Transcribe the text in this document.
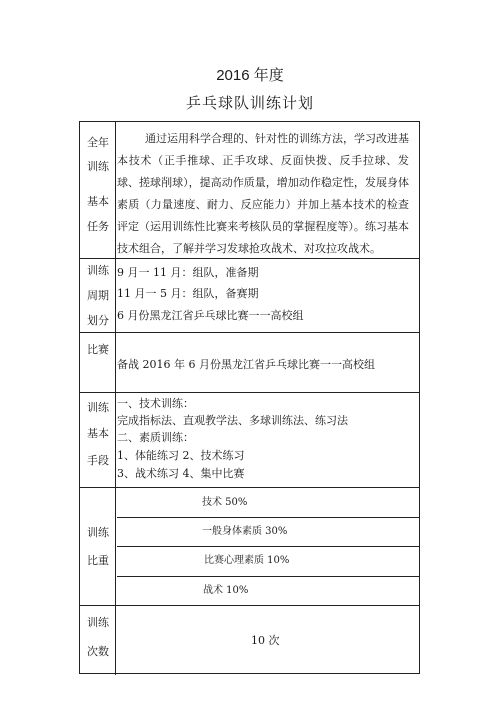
2016 年度
乒乓球队训练计划
全年
训练
基本
任务
通过运用科学合理的、针对性的训练方法，学习改进基本技术（正手推球、正手攻球、反面快拨、反手拉球、发球、搓球削球），提高动作质量，增加动作稳定性，发展身体素质（力量速度、耐力、反应能力）并加上基本技术的检查评定（运用训练性比赛来考核队员的掌握程度等）。练习基本技术组合，了解并学习发球抢攻战术、对攻拉攻战术。
训练
周期
划分
9 月一 11 月：组队，准备期
11 月一 5 月：组队，备赛期
6 月份黑龙江省乒乓球比赛一一高校组
比赛
备战 2016 年 6 月份黑龙江省乒乓球比赛一一高校组
训练
基本
手段
一、技术训练：
完成指标法、直观教学法、多球训练法、练习法
二、素质训练：
1、体能练习 2、技术练习
3、战术练习 4、集中比赛
训练
比重
技术 50%
一般身体素质 30%
比赛心理素质 10%
战术 10%
训练
次数
10 次
